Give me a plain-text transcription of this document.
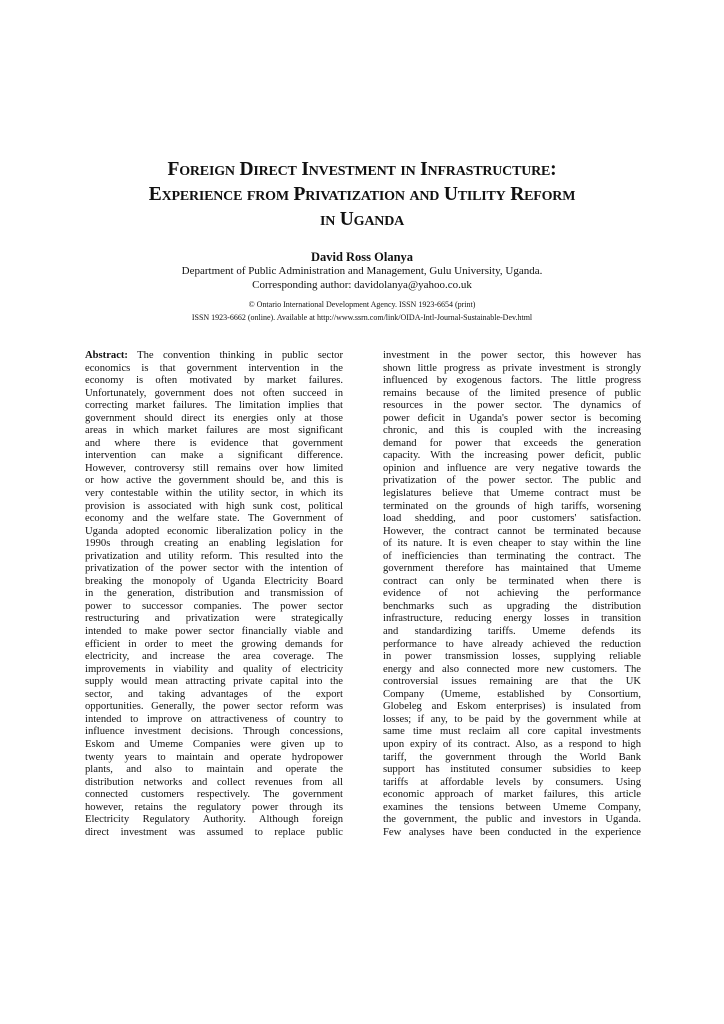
Foreign Direct Investment in Infrastructure:
Experience from Privatization and Utility Reform
in Uganda
David Ross Olanya
Department of Public Administration and Management, Gulu University, Uganda.
Corresponding author: davidolanya@yahoo.co.uk
© Ontario International Development Agency. ISSN 1923-6654 (print)
ISSN 1923-6662 (online). Available at http://www.ssrn.com/link/OIDA-Intl-Journal-Sustainable-Dev.html
Abstract: The convention thinking in public sector
economics is that government intervention in the
economy is often motivated by market failures.
Unfortunately, government does not often succeed in
correcting market failures. The limitation implies that
government should direct its energies only at those
areas in which market failures are most significant
and where there is evidence that government
intervention can make a significant difference.
However, controversy still remains over how limited
or how active the government should be, and this is
very contestable within the utility sector, in which its
provision is associated with high sunk cost, political
economy and the welfare state. The Government of
Uganda adopted economic liberalization policy in the
1990s through creating an enabling legislation for
privatization and utility reform. This resulted into the
privatization of the power sector with the intention of
breaking the monopoly of Uganda Electricity Board
in the generation, distribution and transmission of
power to successor companies. The power sector
restructuring and privatization were strategically
intended to make power sector financially viable and
efficient in order to meet the growing demands for
electricity, and increase the area coverage. The
improvements in viability and quality of electricity
supply would mean attracting private capital into the
sector, and taking advantages of the export
opportunities. Generally, the power sector reform was
intended to improve on attractiveness of country to
influence investment decisions. Through concessions,
Eskom and Umeme Companies were given up to
twenty years to maintain and operate hydropower
plants, and also to maintain and operate the
distribution networks and collect revenues from all
connected customers respectively. The government
however, retains the regulatory power through its
Electricity Regulatory Authority. Although foreign
direct investment was assumed to replace public
investment in the power sector, this however has
shown little progress as private investment is strongly
influenced by exogenous factors. The little progress
remains because of the limited presence of public
resources in the power sector. The dynamics of
power deficit in Uganda's power sector is becoming
chronic, and this is coupled with the increasing
demand for power that exceeds the generation
capacity. With the increasing power deficit, public
opinion and influence are very negative towards the
privatization of the power sector. The public and
legislatures believe that Umeme contract must be
terminated on the grounds of high tariffs, worsening
load shedding, and poor customers' satisfaction.
However, the contract cannot be terminated because
of its nature. It is even cheaper to stay within the line
of inefficiencies than terminating the contract. The
government therefore has maintained that Umeme
contract can only be terminated when there is
evidence of not achieving the performance
benchmarks such as upgrading the distribution
infrastructure, reducing energy losses in transition
and standardizing tariffs. Umeme defends its
performance to have already achieved the reduction
in power transmission losses, supplying reliable
energy and also connected more new customers. The
controversial issues remaining are that the UK
Company (Umeme, established by Consortium,
Globeleg and Eskom enterprises) is insulated from
losses; if any, to be paid by the government while at
same time must reclaim all core capital investments
upon expiry of its contract. Also, as a respond to high
tariff, the government through the World Bank
support has instituted consumer subsidies to keep
tariffs at affordable levels by consumers. Using
economic approach of market failures, this article
examines the tensions between Umeme Company,
the government, the public and investors in Uganda.
Few analyses have been conducted in the experience
